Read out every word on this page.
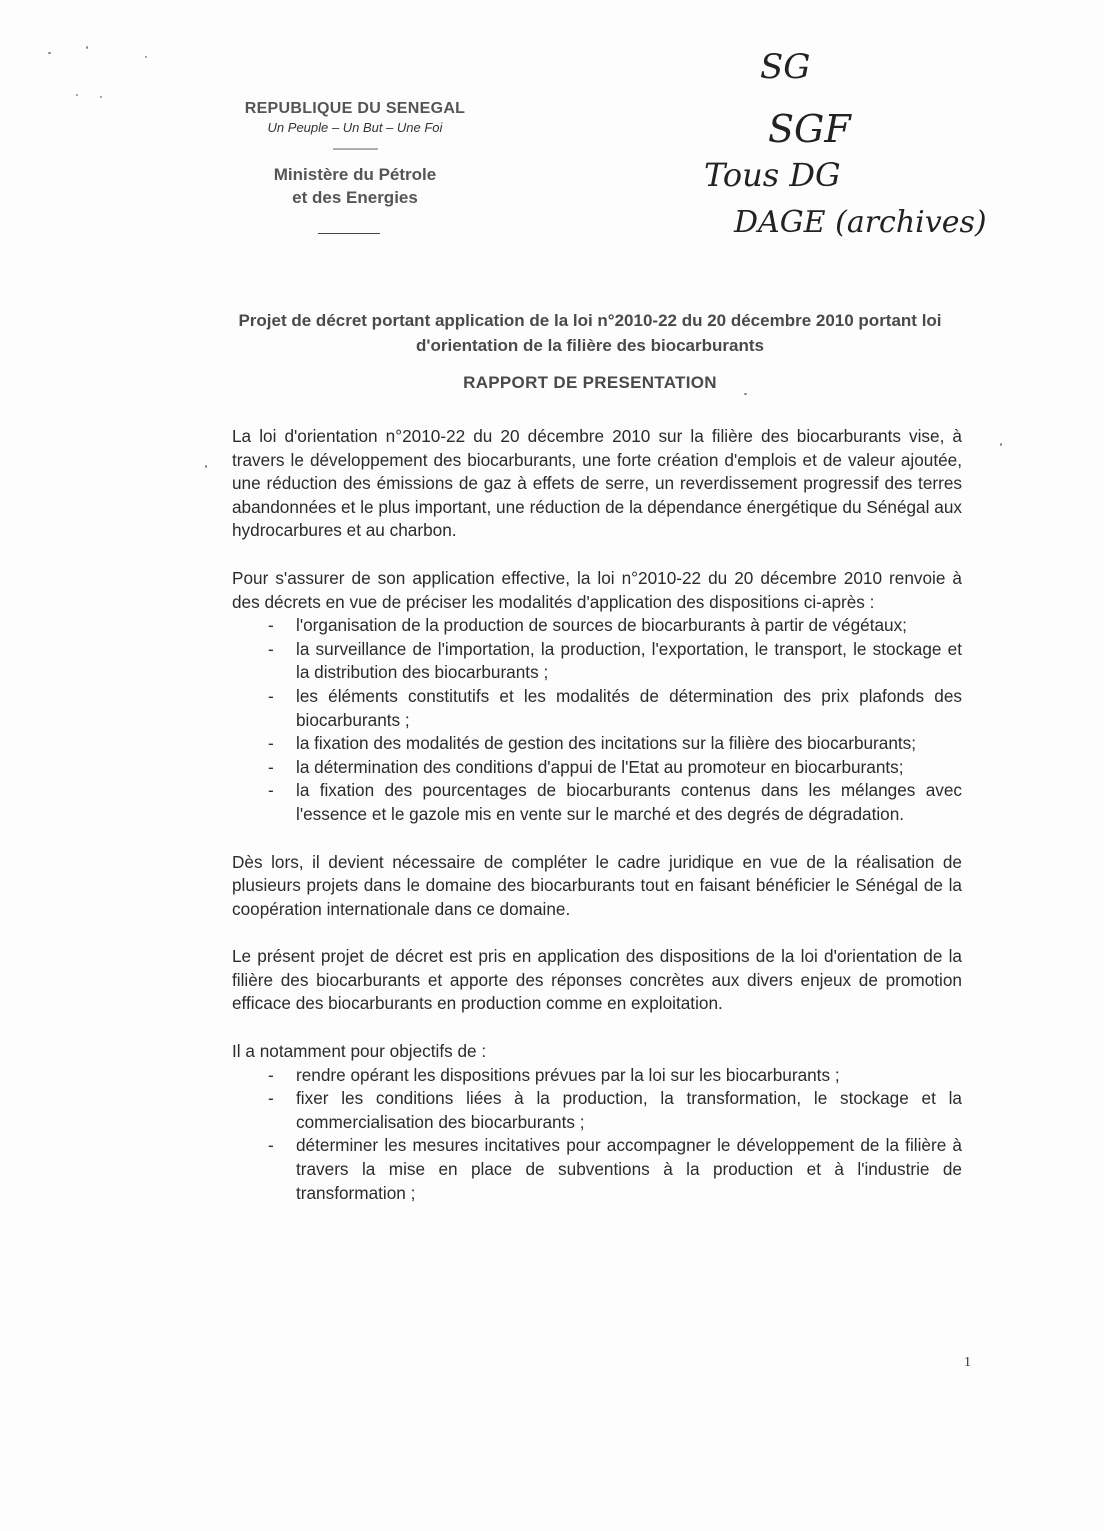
REPUBLIQUE DU SENEGAL
Un Peuple – Un But – Une Foi
---------------
Ministère du Pétrole
et des Energies
SG
SGF
Tous DG
DAGE (archives)
Projet de décret portant application de la loi n°2010-22 du 20 décembre 2010 portant loi d'orientation de la filière des biocarburants
RAPPORT DE PRESENTATION

La loi d'orientation n°2010-22 du 20 décembre 2010 sur la filière des biocarburants vise, à travers le développement des biocarburants, une forte création d'emplois et de valeur ajoutée, une réduction des émissions de gaz à effets de serre, un reverdissement progressif des terres abandonnées et le plus important, une réduction de la dépendance énergétique du Sénégal aux hydrocarbures et au charbon.

Pour s'assurer de son application effective, la loi n°2010-22 du 20 décembre 2010 renvoie à des décrets en vue de préciser les modalités d'application des dispositions ci-après :

- l'organisation de la production de sources de biocarburants à partir de végétaux;
- la surveillance de l'importation, la production, l'exportation, le transport, le stockage et la distribution des biocarburants ;
- les éléments constitutifs et les modalités de détermination des prix plafonds des biocarburants ;
- la fixation des modalités de gestion des incitations sur la filière des biocarburants;
- la détermination des conditions d'appui de l'Etat au promoteur en biocarburants;
- la fixation des pourcentages de biocarburants contenus dans les mélanges avec l'essence et le gazole mis en vente sur le marché et des degrés de dégradation.

Dès lors, il devient nécessaire de compléter le cadre juridique en vue de la réalisation de plusieurs projets dans le domaine des biocarburants tout en faisant bénéficier le Sénégal de la coopération internationale dans ce domaine.

Le présent projet de décret est pris en application des dispositions de la loi d'orientation de la filière des biocarburants et apporte des réponses concrètes aux divers enjeux de promotion efficace des biocarburants en production comme en exploitation.

Il a notamment pour objectifs de :

- rendre opérant les dispositions prévues par la loi sur les biocarburants ;
- fixer les conditions liées à la production, la transformation, le stockage et la commercialisation des biocarburants ;
- déterminer les mesures incitatives pour accompagner le développement de la filière à travers la mise en place de subventions à la production et à l'industrie de transformation ;
1
